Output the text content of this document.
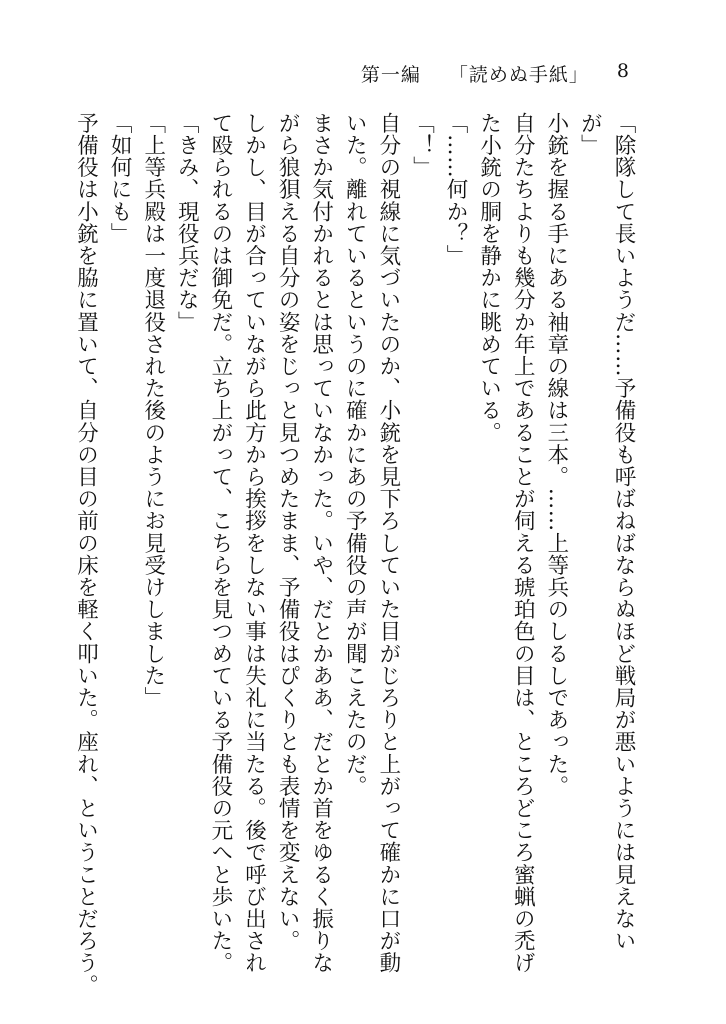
第一編 「読めぬ手紙」 8

「除隊して長いようだ……予備役も呼ばねばならぬほど戦局が悪いようには見えない

が」

小銃を握る手にある袖章の線は三本。……上等兵のしるしであった。

自分たちよりも幾分か年上であることが伺える琥珀色の目は、ところどころ蜜蝋の禿げ

た小銃の胴を静かに眺めている。

「……何か？」

「！」

自分の視線に気づいたのか、小銃を見下ろしていた目がじろりと上がって確かに口が動

いた。離れているというのに確かにあの予備役の声が聞こえたのだ。

まさか気付かれるとは思っていなかった。いや、だとかああ、だとか首をゆるく振りな

がら狼狽える自分の姿をじっと見つめたまま、予備役はぴくりとも表情を変えない。

しかし、目が合っていながら此方から挨拶をしない事は失礼に当たる。後で呼び出され

て殴られるのは御免だ。立ち上がって、こちらを見つめている予備役の元へと歩いた。

「きみ、現役兵だな」

「上等兵殿は一度退役された後のようにお見受けしました」

「如何にも」

予備役は小銃を脇に置いて、自分の目の前の床を軽く叩いた。座れ、ということだろう。
